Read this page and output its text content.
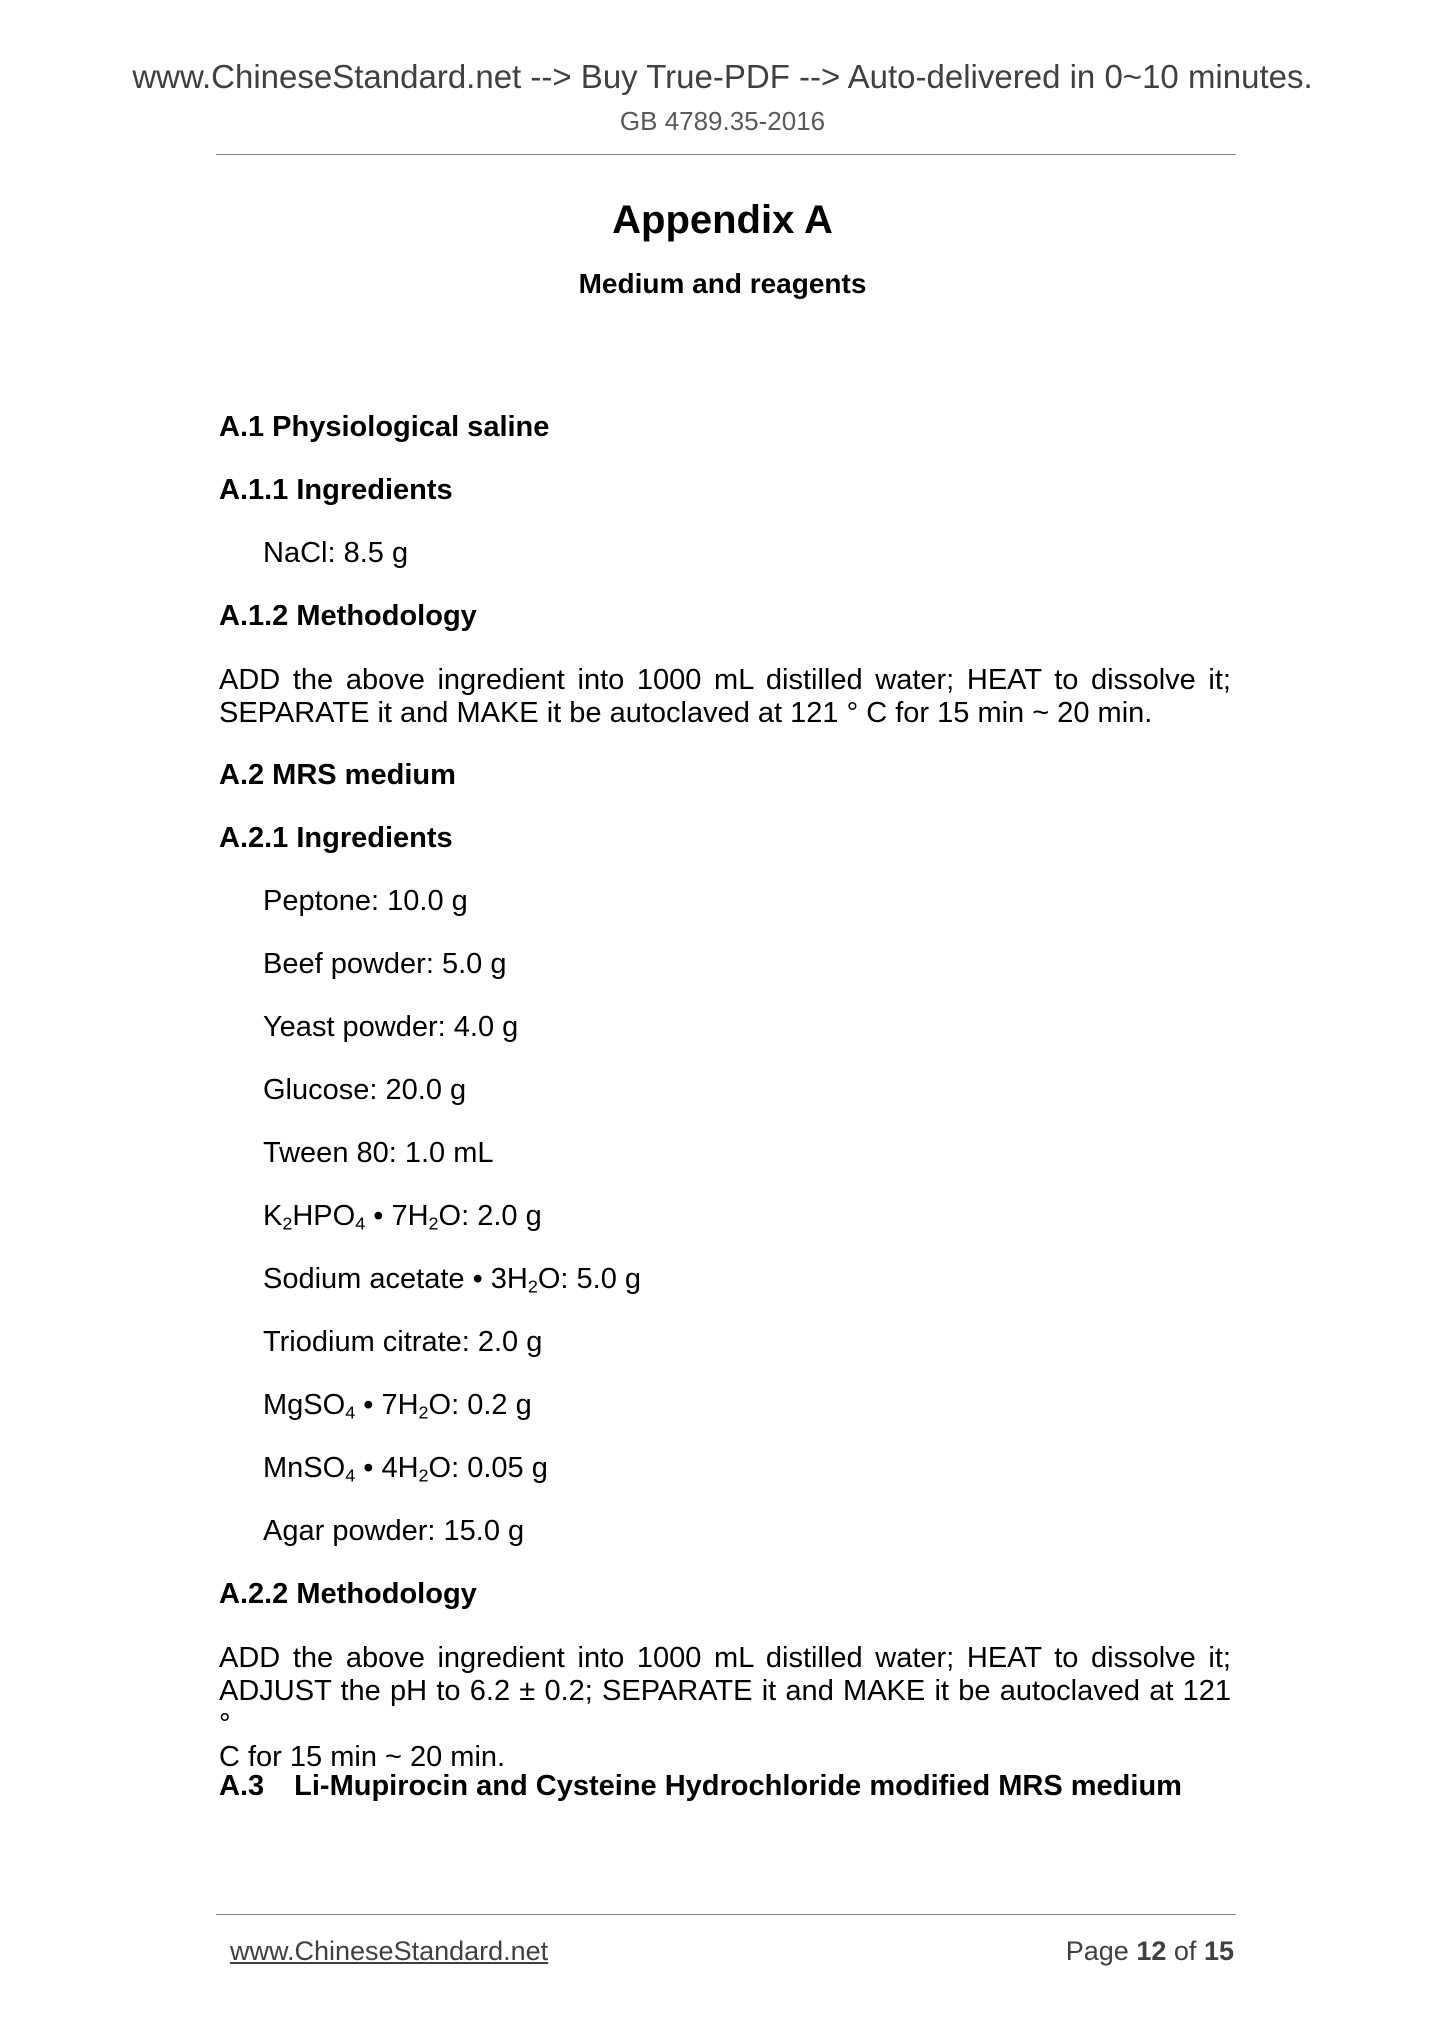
www.ChineseStandard.net --> Buy True-PDF --> Auto-delivered in 0~10 minutes.
GB 4789.35-2016
Appendix A
Medium and reagents
A.1 Physiological saline
A.1.1 Ingredients
NaCl: 8.5 g
A.1.2 Methodology
ADD the above ingredient into 1000 mL distilled water; HEAT to dissolve it;
SEPARATE it and MAKE it be autoclaved at 121 ° C for 15 min ~ 20 min.
A.2 MRS medium
A.2.1 Ingredients
Peptone: 10.0 g
Beef powder: 5.0 g
Yeast powder: 4.0 g
Glucose: 20.0 g
Tween 80: 1.0 mL
$K_2HPO_4$ • $7H_2O$: 2.0 g
Sodium acetate • $3H_2O$: 5.0 g
Triodium citrate: 2.0 g
MgSO$_4$ • $7H_2O$: 0.2 g
MnSO$_4$ • $4H_2O$: 0.05 g
Agar powder: 15.0 g
A.2.2 Methodology
ADD the above ingredient into 1000 mL distilled water; HEAT to dissolve it;
ADJUST the pH to 6.2 ± 0.2; SEPARATE it and MAKE it be autoclaved at 121 °
C for 15 min ~ 20 min.
A.3 Li-Mupirocin and Cysteine Hydrochloride modified MRS medium
www.ChineseStandard.net	Page 12 of 15
